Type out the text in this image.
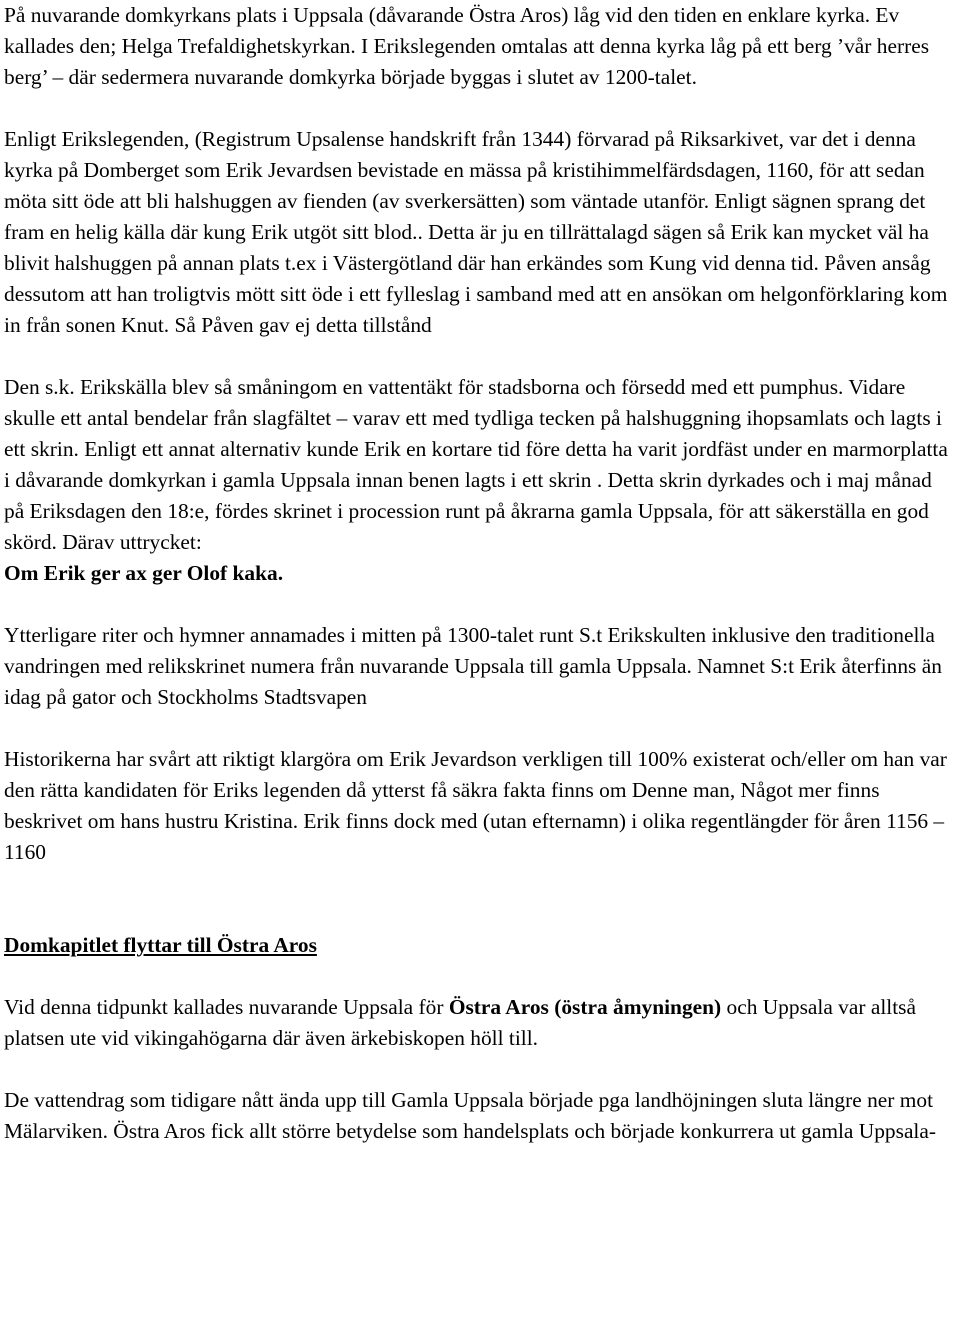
På nuvarande domkyrkans plats i Uppsala (dåvarande Östra Aros) låg vid den tiden en enklare kyrka. Ev kallades den; Helga Trefaldighetskyrkan. I Erikslegenden omtalas att denna kyrka låg på ett berg ’vår herres berg’ – där sedermera nuvarande domkyrka började byggas i slutet av 1200-talet.

Enligt Erikslegenden, (Registrum Upsalense handskrift från 1344) förvarad på Riksarkivet, var det i denna kyrka på Domberget som Erik Jevardsen bevistade en mässa på kristihimmelfärdsdagen, 1160, för att sedan möta sitt öde att bli halshuggen av fienden (av sverkersätten) som väntade utanför. Enligt sägnen sprang det fram en helig källa där kung Erik utgöt sitt blod.. Detta är ju en tillrättalagd sägen så Erik kan mycket väl ha blivit halshuggen på annan plats t.ex i Västergötland där han erkändes som Kung vid denna tid. Påven ansåg dessutom att han troligtvis mött sitt öde i ett fylleslag i samband med att en ansökan om helgonförklaring kom in från sonen Knut. Så Påven gav ej detta tillstånd

Den s.k. Erikskälla blev så småningom en vattentäkt för stadsborna och försedd med ett pumphus. Vidare skulle ett antal bendelar från slagfältet – varav ett med tydliga tecken på halshuggning ihopsamlats och lagts i ett skrin. Enligt ett annat alternativ kunde Erik en kortare tid före detta ha varit jordfäst under en marmorplatta i dåvarande domkyrkan i gamla Uppsala innan benen lagts i ett skrin . Detta skrin dyrkades och i maj månad på Eriksdagen den 18:e, fördes skrinet i procession runt på åkrarna gamla Uppsala, för att säkerställa en god skörd. Därav uttrycket:
Om Erik ger ax ger Olof kaka.

Ytterligare riter och hymner annamades i mitten på 1300-talet runt S.t Erikskulten inklusive den traditionella vandringen med relikskrinet numera från nuvarande Uppsala till gamla Uppsala. Namnet S:t Erik återfinns än idag på gator och Stockholms Stadtsvapen

Historikerna har svårt att riktigt klargöra om Erik Jevardson verkligen till 100% existerat och/eller om han var den rätta kandidaten för Eriks legenden då ytterst få säkra fakta finns om Denne man, Något mer finns beskrivet om hans hustru Kristina. Erik finns dock med (utan efternamn) i olika regentlängder för åren 1156 – 1160

Domkapitlet flyttar till Östra Aros

Vid denna tidpunkt kallades nuvarande Uppsala för Östra Aros (östra åmyningen) och Uppsala var alltså platsen ute vid vikingahögarna där även ärkebiskopen höll till.

De vattendrag som tidigare nått ända upp till Gamla Uppsala började pga landhöjningen sluta längre ner mot Mälarviken. Östra Aros fick allt större betydelse som handelsplats och började konkurrera ut gamla Uppsala-
